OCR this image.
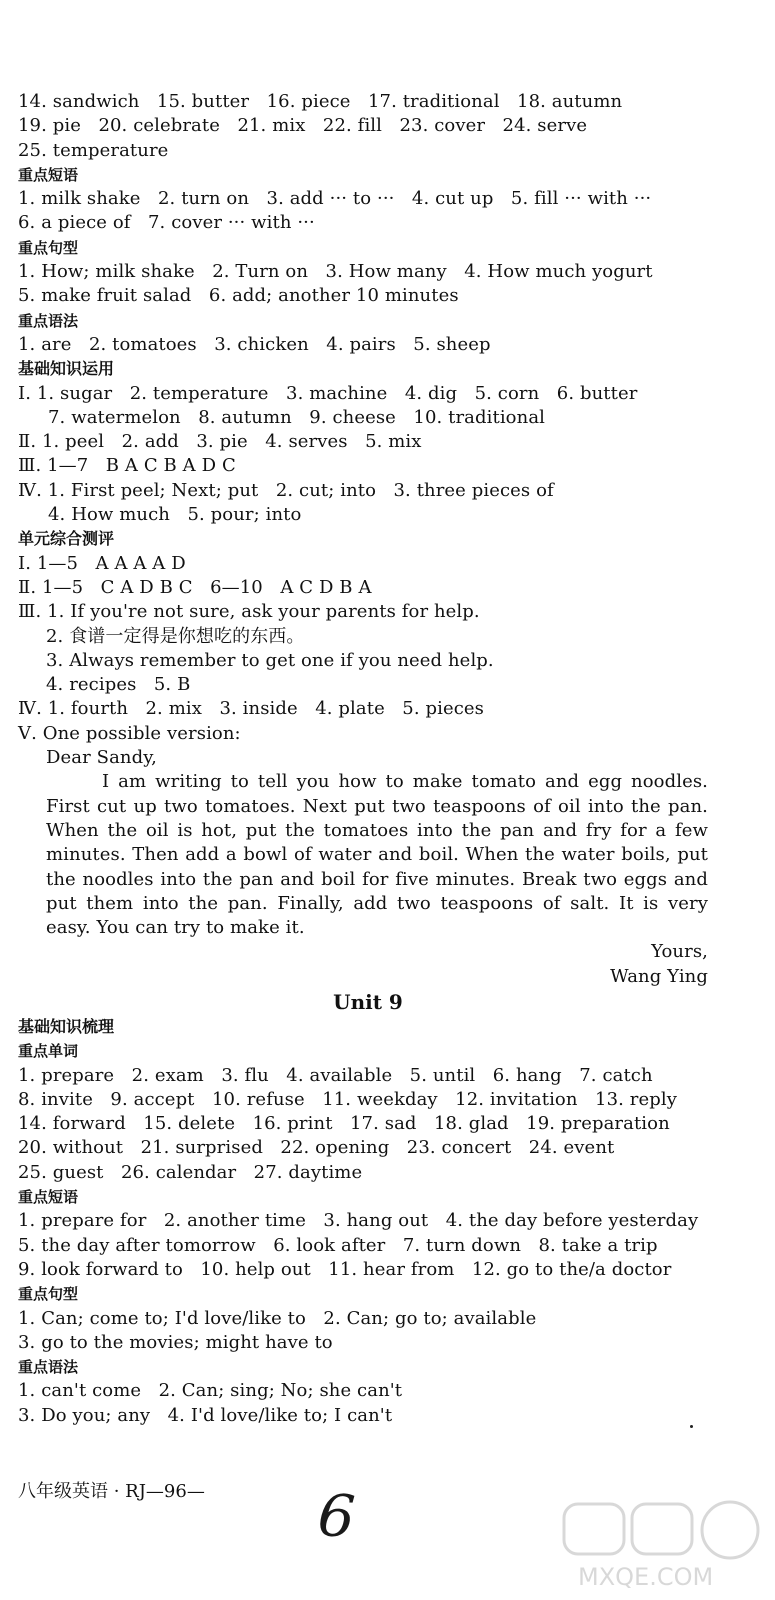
14. sandwich   15. butter   16. piece   17. traditional   18. autumn
19. pie   20. celebrate   21. mix   22. fill   23. cover   24. serve
25. temperature
重点短语
1. milk shake   2. turn on   3. add ··· to ···   4. cut up   5. fill ··· with ···
6. a piece of   7. cover ··· with ···
重点句型
1. How; milk shake   2. Turn on   3. How many   4. How much yogurt
5. make fruit salad   6. add; another 10 minutes
重点语法
1. are   2. tomatoes   3. chicken   4. pairs   5. sheep
基础知识运用
Ⅰ. 1. sugar   2. temperature   3. machine   4. dig   5. corn   6. butter
7. watermelon   8. autumn   9. cheese   10. traditional
Ⅱ. 1. peel   2. add   3. pie   4. serves   5. mix
Ⅲ. 1—7   B A C B A D C
Ⅳ. 1. First peel; Next; put   2. cut; into   3. three pieces of
4. How much   5. pour; into
单元综合测评
Ⅰ. 1—5   A A A A D
Ⅱ. 1—5   C A D B C   6—10   A C D B A
Ⅲ. 1. If you're not sure, ask your parents for help.
2. 食谱一定得是你想吃的东西。
3. Always remember to get one if you need help.
4. recipes   5. B
Ⅳ. 1. fourth   2. mix   3. inside   4. plate   5. pieces
Ⅴ. One possible version:
Dear Sandy,
I am writing to tell you how to make tomato and egg noodles. First cut up two tomatoes. Next put two teaspoons of oil into the pan. When the oil is hot, put the tomatoes into the pan and fry for a few minutes. Then add a bowl of water and boil. When the water boils, put the noodles into the pan and boil for five minutes. Break two eggs and put them into the pan. Finally, add two teaspoons of salt. It is very easy. You can try to make it.
Yours,
Wang Ying
Unit 9
基础知识梳理
重点单词
1. prepare   2. exam   3. flu   4. available   5. until   6. hang   7. catch
8. invite   9. accept   10. refuse   11. weekday   12. invitation   13. reply
14. forward   15. delete   16. print   17. sad   18. glad   19. preparation
20. without   21. surprised   22. opening   23. concert   24. event
25. guest   26. calendar   27. daytime
重点短语
1. prepare for   2. another time   3. hang out   4. the day before yesterday
5. the day after tomorrow   6. look after   7. turn down   8. take a trip
9. look forward to   10. help out   11. hear from   12. go to the/a doctor
重点句型
1. Can; come to; I'd love/like to   2. Can; go to; available
3. go to the movies; might have to
重点语法
1. can't come   2. Can; sing; No; she can't
3. Do you; any   4. I'd love/like to; I can't
八年级英语 · RJ—96— 6
MXQE.COM
